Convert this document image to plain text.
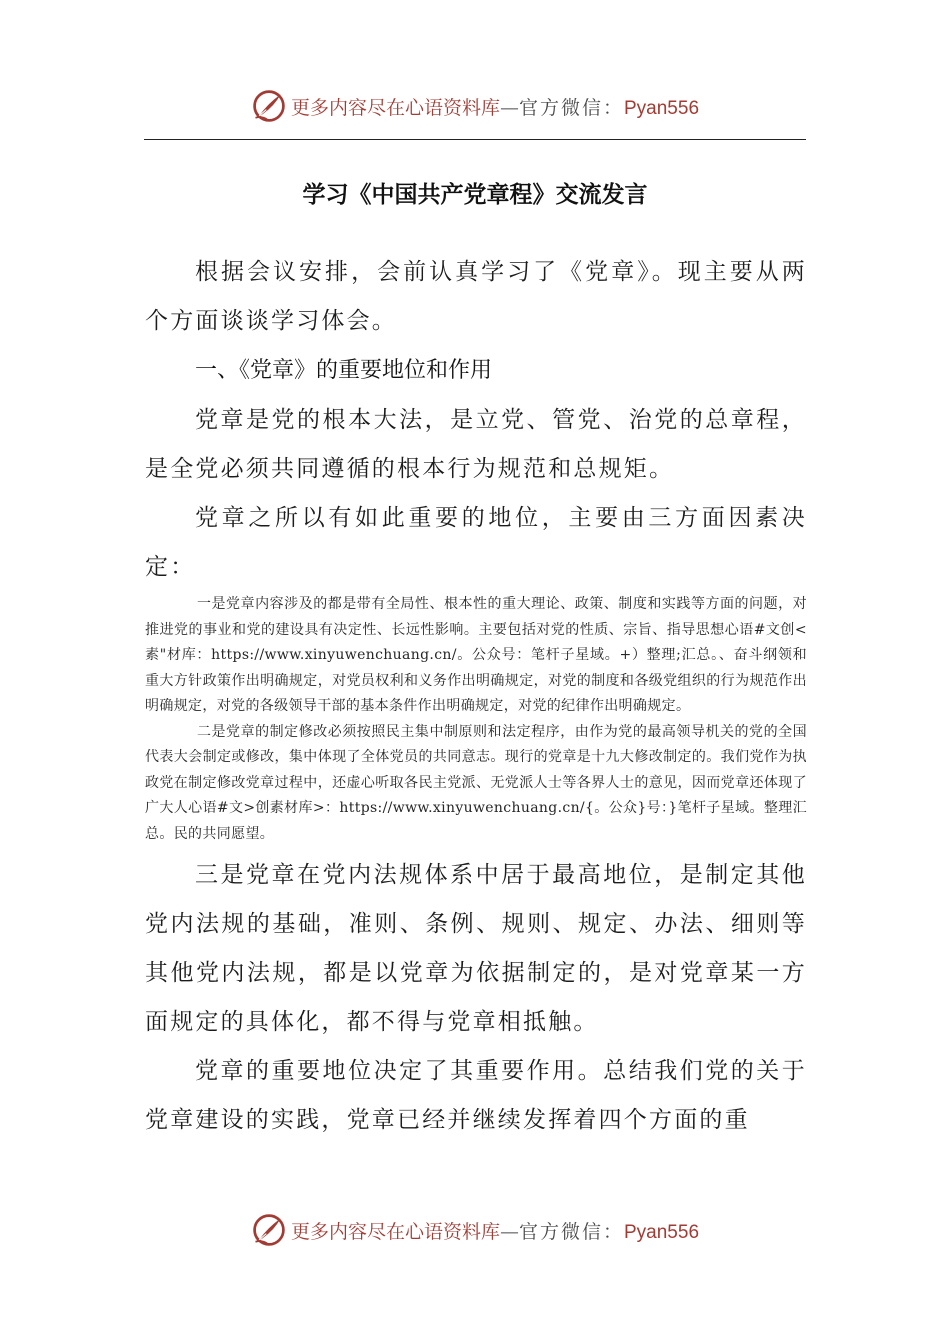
更多内容尽在心语资料库—官方微信：Pyan556
学习《中国共产党章程》交流发言

根据会议安排，会前认真学习了《党章》。现主要从两个方面谈谈学习体会。

一、《党章》的重要地位和作用

党章是党的根本大法，是立党、管党、治党的总章程，是全党必须共同遵循的根本行为规范和总规矩。

党章之所以有如此重要的地位，主要由三方面因素决定：

一是党章内容涉及的都是带有全局性、根本性的重大理论、政策、制度和实践等方面的问题，对推进党的事业和党的建设具有决定性、长远性影响。主要包括对党的性质、宗旨、指导思想心语#文创<素"材库：https://www.xinyuwenchuang.cn/。公众号：笔杆子星域。+）整理;汇总。、奋斗纲领和重大方针政策作出明确规定，对党员权利和义务作出明确规定，对党的制度和各级党组织的行为规范作出明确规定，对党的各级领导干部的基本条件作出明确规定，对党的纪律作出明确规定。

二是党章的制定修改必须按照民主集中制原则和法定程序，由作为党的最高领导机关的党的全国代表大会制定或修改，集中体现了全体党员的共同意志。现行的党章是十九大修改制定的。我们党作为执政党在制定修改党章过程中，还虚心听取各民主党派、无党派人士等各界人士的意见，因而党章还体现了广大人心语#文>创素材库>：https://www.xinyuwenchuang.cn/{。公众}号：}笔杆子星域。整理汇总。民的共同愿望。

三是党章在党内法规体系中居于最高地位，是制定其他党内法规的基础，准则、条例、规则、规定、办法、细则等其他党内法规，都是以党章为依据制定的，是对党章某一方面规定的具体化，都不得与党章相抵触。

党章的重要地位决定了其重要作用。总结我们党的关于党章建设的实践，党章已经并继续发挥着四个方面的重

更多内容尽在心语资料库—官方微信：Pyan556
